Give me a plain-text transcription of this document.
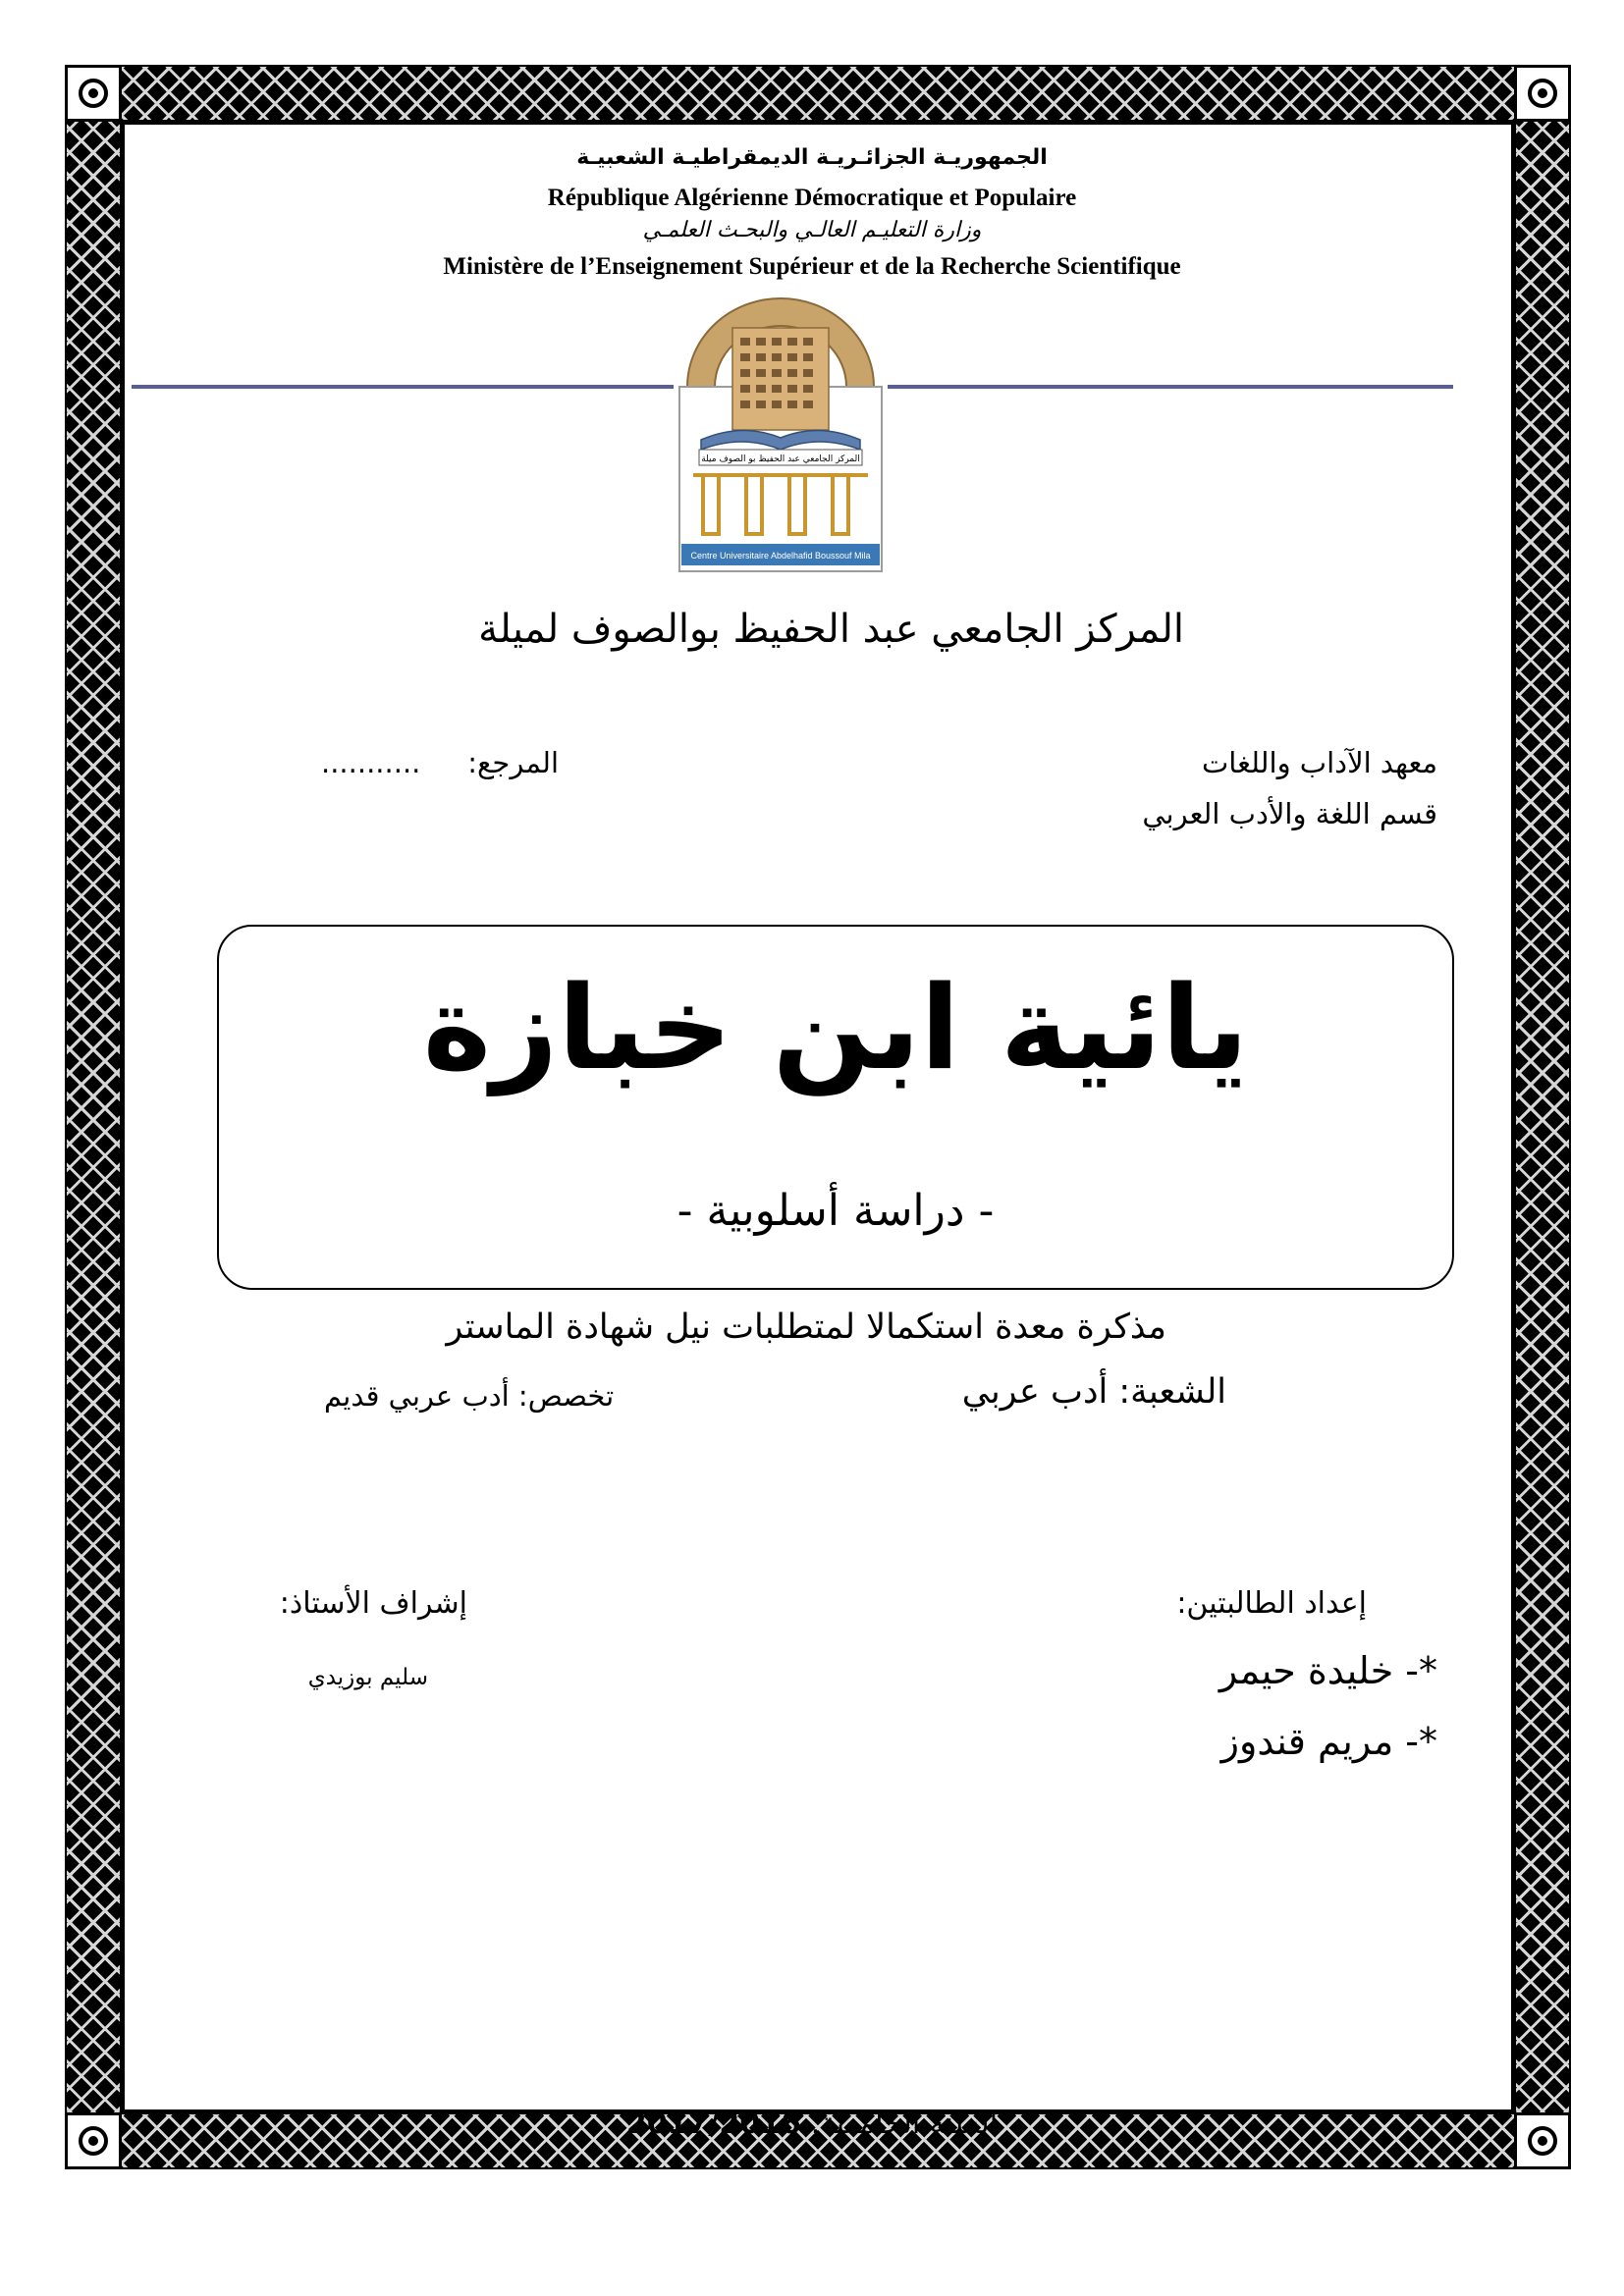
الجمهوريـة الجزائـريـة الديمقراطيـة الشعبيـة
République Algérienne Démocratique et Populaire
وزارة التعليـم العالـي والبحـث العلمـي
Ministère de l’Enseignement Supérieur et de la Recherche Scientifique
المركز الجامعي عبد الحفيظ بو الصوف ميلة
Centre Universitaire Abdelhafid Boussouf Mila
المركز الجامعي عبد الحفيظ بوالصوف لميلة
معهد الآداب واللغات
قسم اللغة والأدب العربي
المرجع:
...........
يائية ابن خبازة
- دراسة أسلوبية -
مذكرة معدة استكمالا لمتطلبات نيل شهادة الماستر
الشعبة: أدب عربي
تخصص: أدب عربي قديم
إعداد الطالبتين:
*- خليدة حيمر
*- مريم قندوز
إشراف الأستاذ:
سليم بوزيدي
السنة الجامعية: 2017/2016
